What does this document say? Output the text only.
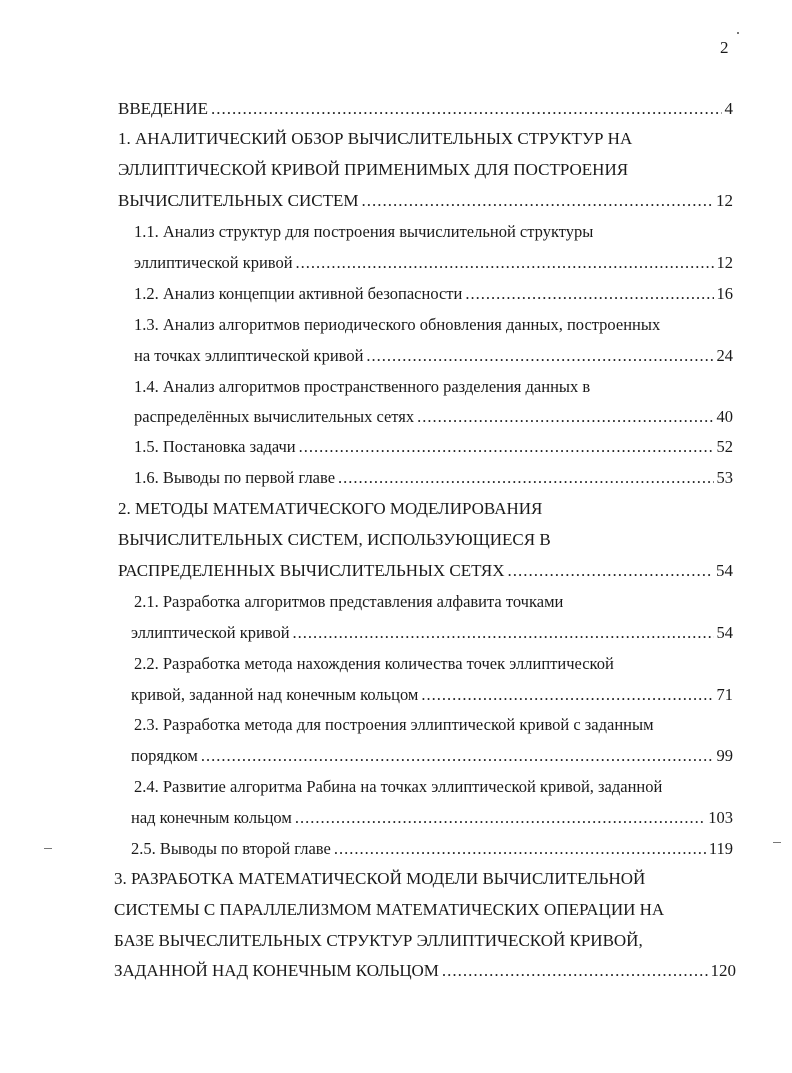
2
ВВЕДЕНИЕ .....	4
1. АНАЛИТИЧЕСКИЙ ОБЗОР ВЫЧИСЛИТЕЛЬНЫХ СТРУКТУР НА
ЭЛЛИПТИЧЕСКОЙ КРИВОЙ ПРИМЕНИМЫХ ДЛЯ ПОСТРОЕНИЯ
ВЫЧИСЛИТЕЛЬНЫХ СИСТЕМ .....	12
1.1. Анализ структур для построения вычислительной структуры
эллиптической кривой .....	12
1.2. Анализ концепции активной безопасности .....	16
1.3. Анализ алгоритмов периодического обновления данных, построенных
на точках эллиптической кривой .....	24
1.4. Анализ алгоритмов пространственного разделения данных в
распределённых вычислительных сетях .....	40
1.5. Постановка задачи .....	52
1.6. Выводы по первой главе .....	53
2. МЕТОДЫ МАТЕМАТИЧЕСКОГО МОДЕЛИРОВАНИЯ
ВЫЧИСЛИТЕЛЬНЫХ СИСТЕМ, ИСПОЛЬЗУЮЩИЕСЯ В
РАСПРЕДЕЛЕННЫХ ВЫЧИСЛИТЕЛЬНЫХ СЕТЯХ .....	54
2.1. Разработка алгоритмов представления алфавита точками
эллиптической кривой .....	54
2.2. Разработка метода нахождения количества точек эллиптической
кривой, заданной над конечным кольцом .....	71
2.3. Разработка метода для построения эллиптической кривой с заданным
порядком .....	99
2.4. Развитие алгоритма Рабина на точках эллиптической кривой, заданной
над конечным кольцом .....	103
2.5. Выводы по второй главе .....	119
3. РАЗРАБОТКА МАТЕМАТИЧЕСКОЙ МОДЕЛИ ВЫЧИСЛИТЕЛЬНОЙ
СИСТЕМЫ С ПАРАЛЛЕЛИЗМОМ МАТЕМАТИЧЕСКИХ ОПЕРАЦИИ НА
БАЗЕ ВЫЧЕСЛИТЕЛЬНЫХ СТРУКТУР ЭЛЛИПТИЧЕСКОЙ КРИВОЙ,
ЗАДАННОЙ НАД КОНЕЧНЫМ КОЛЬЦОМ .....	120
